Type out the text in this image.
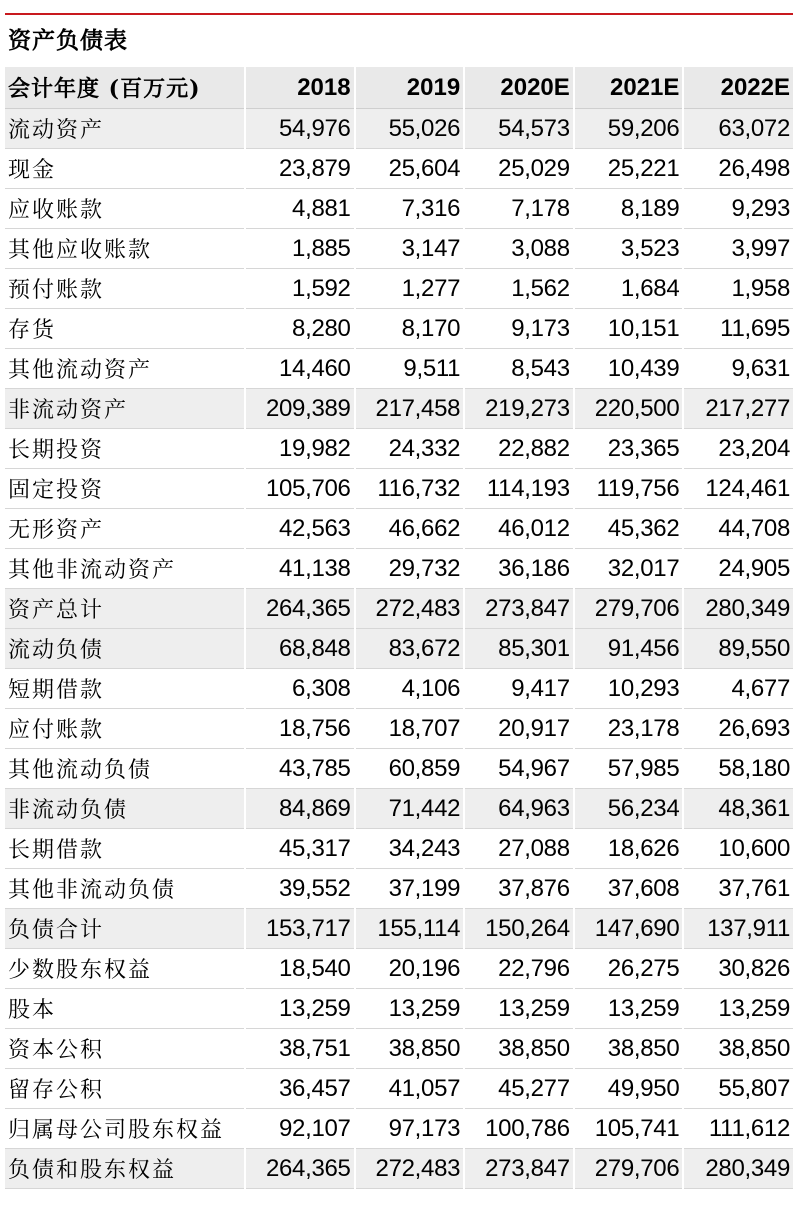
资产负债表
会计年度 (百万元)	2018	2019	2020E	2021E	2022E
流动资产	54,976	55,026	54,573	59,206	63,072
现金	23,879	25,604	25,029	25,221	26,498
应收账款	4,881	7,316	7,178	8,189	9,293
其他应收账款	1,885	3,147	3,088	3,523	3,997
预付账款	1,592	1,277	1,562	1,684	1,958
存货	8,280	8,170	9,173	10,151	11,695
其他流动资产	14,460	9,511	8,543	10,439	9,631
非流动资产	209,389	217,458	219,273	220,500	217,277
长期投资	19,982	24,332	22,882	23,365	23,204
固定投资	105,706	116,732	114,193	119,756	124,461
无形资产	42,563	46,662	46,012	45,362	44,708
其他非流动资产	41,138	29,732	36,186	32,017	24,905
资产总计	264,365	272,483	273,847	279,706	280,349
流动负债	68,848	83,672	85,301	91,456	89,550
短期借款	6,308	4,106	9,417	10,293	4,677
应付账款	18,756	18,707	20,917	23,178	26,693
其他流动负债	43,785	60,859	54,967	57,985	58,180
非流动负债	84,869	71,442	64,963	56,234	48,361
长期借款	45,317	34,243	27,088	18,626	10,600
其他非流动负债	39,552	37,199	37,876	37,608	37,761
负债合计	153,717	155,114	150,264	147,690	137,911
少数股东权益	18,540	20,196	22,796	26,275	30,826
股本	13,259	13,259	13,259	13,259	13,259
资本公积	38,751	38,850	38,850	38,850	38,850
留存公积	36,457	41,057	45,277	49,950	55,807
归属母公司股东权益	92,107	97,173	100,786	105,741	111,612
负债和股东权益	264,365	272,483	273,847	279,706	280,349
